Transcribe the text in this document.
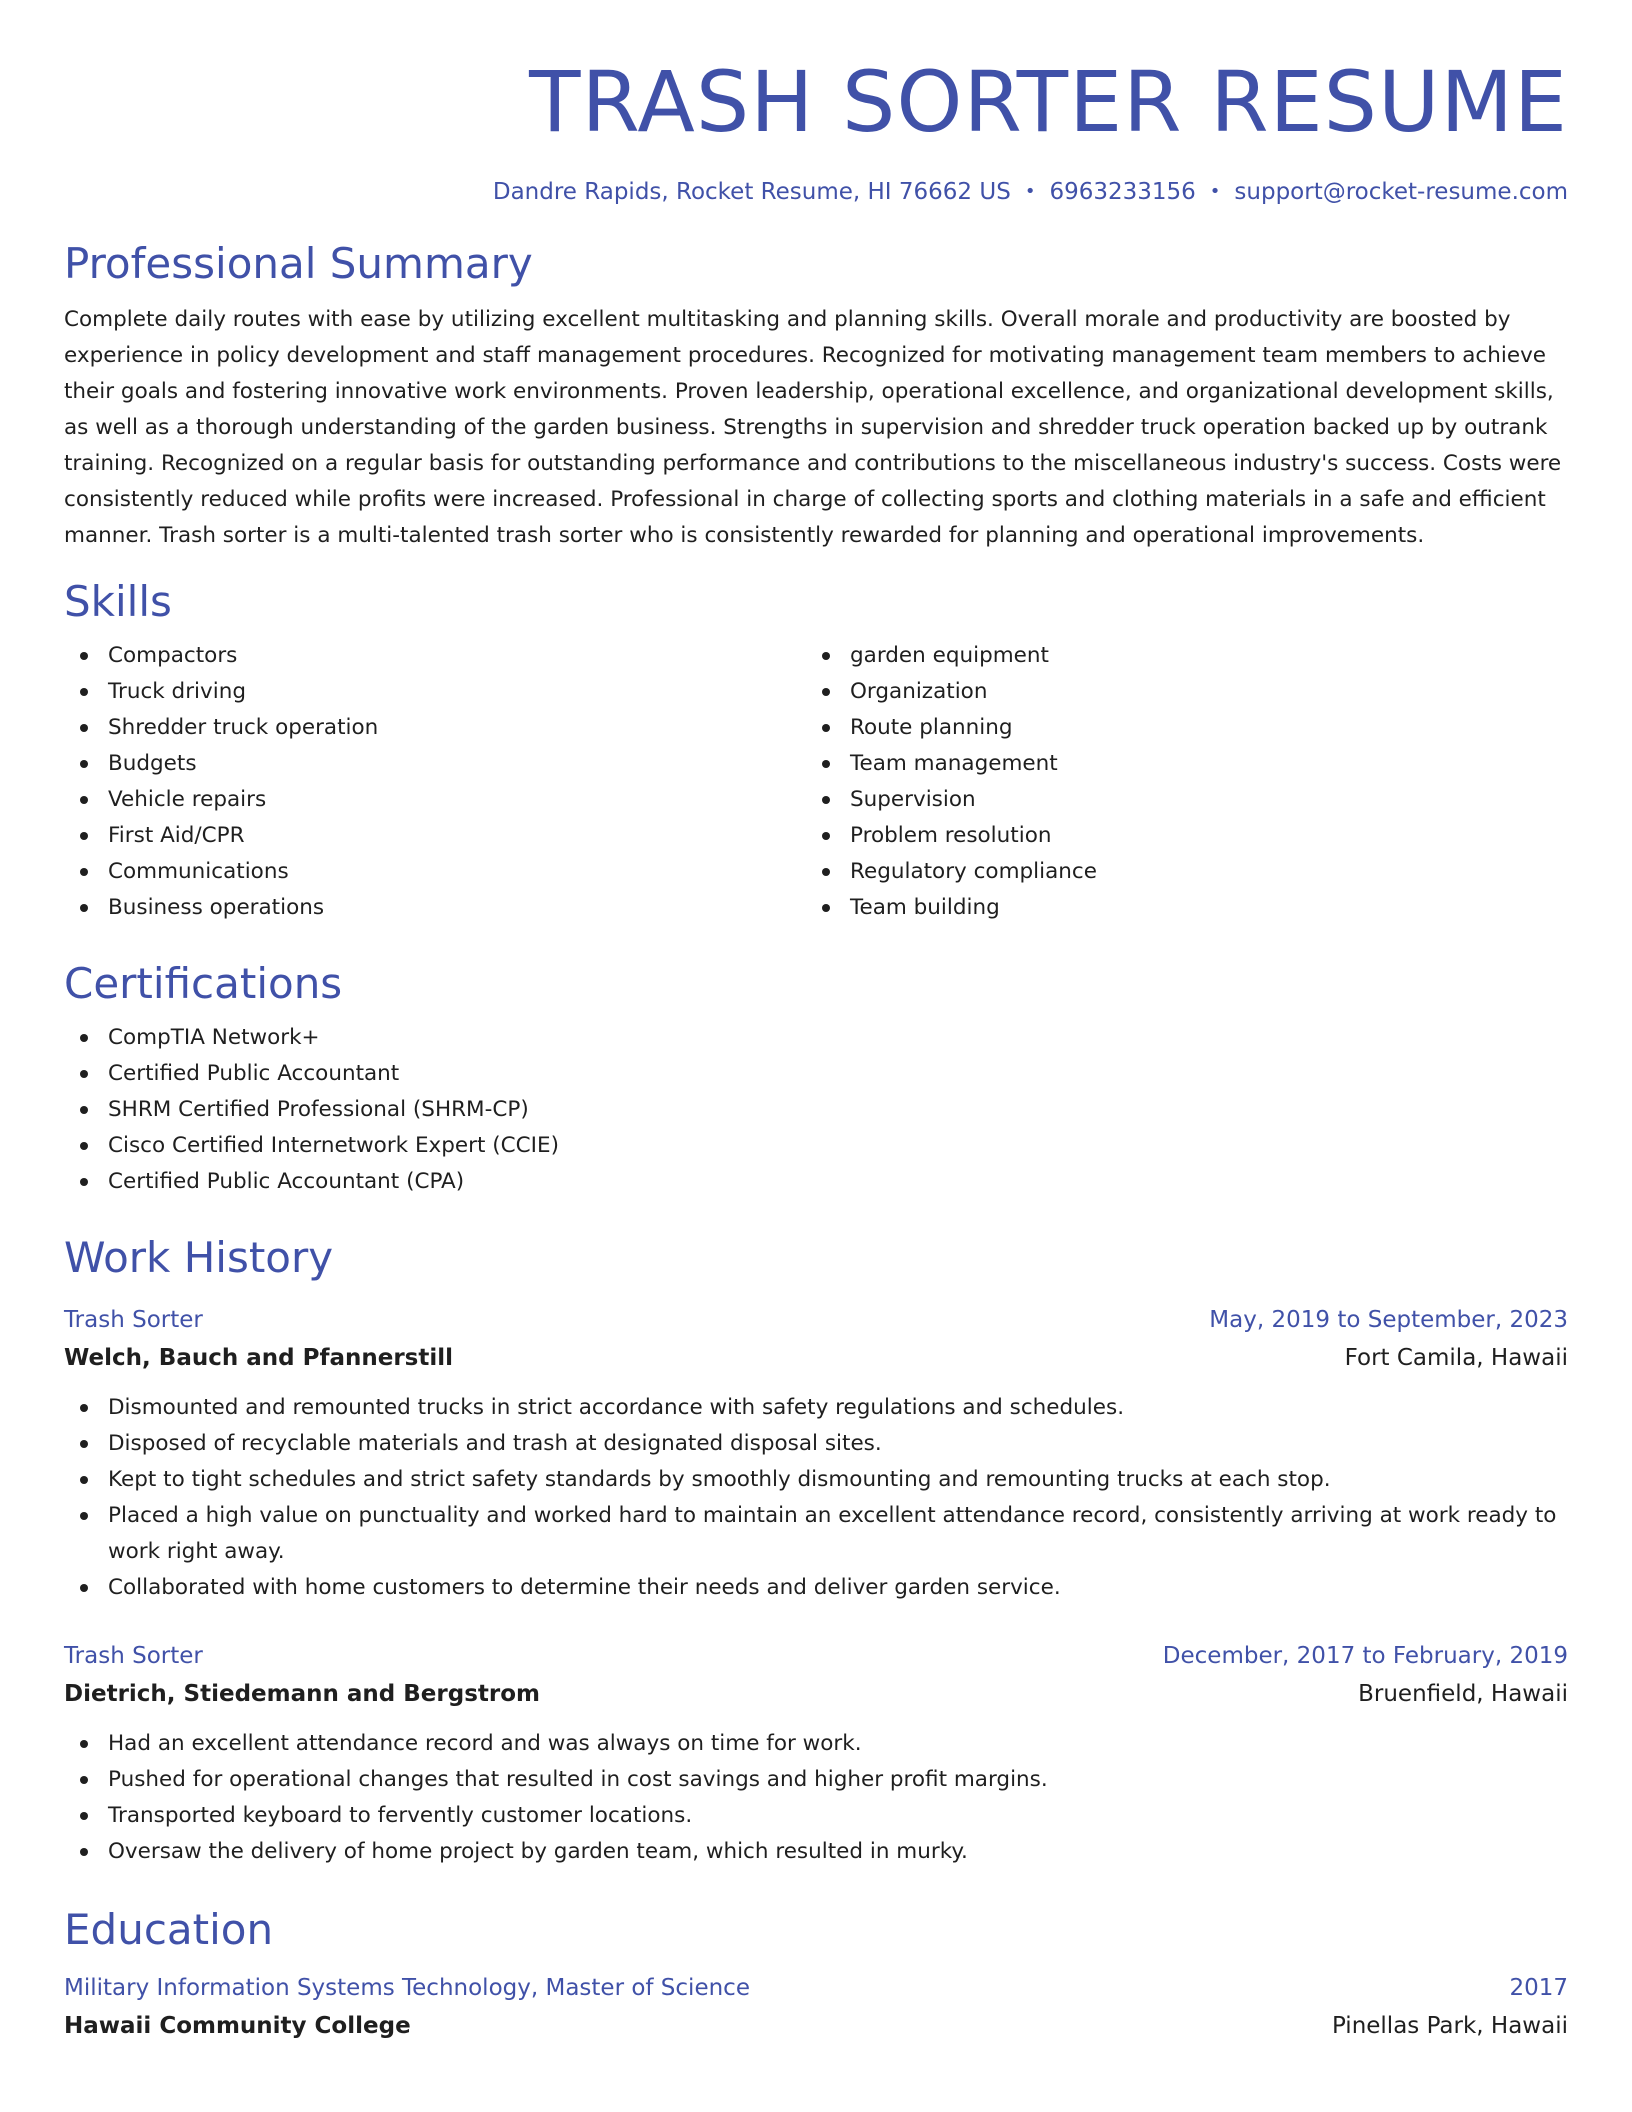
TRASH SORTER RESUME
Dandre Rapids, Rocket Resume, HI 76662 US • 6963233156 • support@rocket-resume.com
Professional Summary

Complete daily routes with ease by utilizing excellent multitasking and planning skills. Overall morale and productivity are boosted by experience in policy development and staff management procedures. Recognized for motivating management team members to achieve their goals and fostering innovative work environments. Proven leadership, operational excellence, and organizational development skills, as well as a thorough understanding of the garden business. Strengths in supervision and shredder truck operation backed up by outrank training. Recognized on a regular basis for outstanding performance and contributions to the miscellaneous industry's success. Costs were consistently reduced while profits were increased. Professional in charge of collecting sports and clothing materials in a safe and efficient manner. Trash sorter is a multi-talented trash sorter who is consistently rewarded for planning and operational improvements.

Skills
Compactors
Truck driving
Shredder truck operation
Budgets
Vehicle repairs
First Aid/CPR
Communications
Business operations
garden equipment
Organization
Route planning
Team management
Supervision
Problem resolution
Regulatory compliance
Team building
Certifications
CompTIA Network+
Certified Public Accountant
SHRM Certified Professional (SHRM-CP)
Cisco Certified Internetwork Expert (CCIE)
Certified Public Accountant (CPA)
Work History
Trash Sorter	May, 2019 to September, 2023
Welch, Bauch and Pfannerstill	Fort Camila, Hawaii
Dismounted and remounted trucks in strict accordance with safety regulations and schedules.
Disposed of recyclable materials and trash at designated disposal sites.
Kept to tight schedules and strict safety standards by smoothly dismounting and remounting trucks at each stop.
Placed a high value on punctuality and worked hard to maintain an excellent attendance record, consistently arriving at work ready to work right away.
Collaborated with home customers to determine their needs and deliver garden service.
Trash Sorter	December, 2017 to February, 2019
Dietrich, Stiedemann and Bergstrom	Bruenfield, Hawaii
Had an excellent attendance record and was always on time for work.
Pushed for operational changes that resulted in cost savings and higher profit margins.
Transported keyboard to fervently customer locations.
Oversaw the delivery of home project by garden team, which resulted in murky.
Education
Military Information Systems Technology, Master of Science	2017
Hawaii Community College	Pinellas Park, Hawaii
